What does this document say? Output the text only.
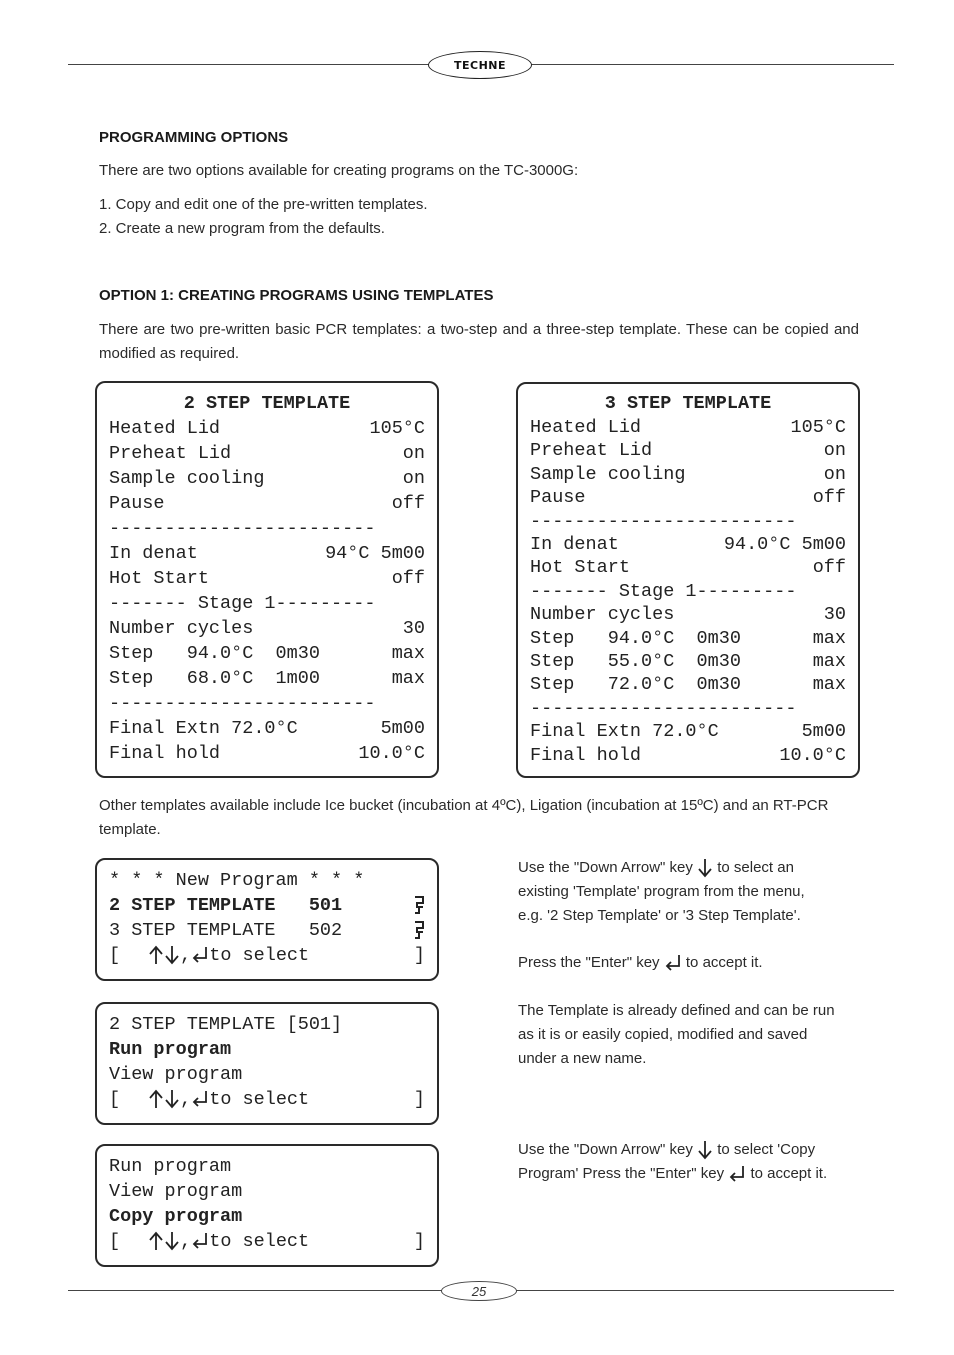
TECHNE
PROGRAMMING OPTIONS
There are two options available for creating programs on the TC-3000G:
1. Copy and edit one of the pre-written templates.
2. Create a new program from the defaults.
OPTION 1: CREATING PROGRAMS USING TEMPLATES
There are two pre-written basic PCR templates: a two-step and a three-step template. These can be copied and modified as required.
2 STEP TEMPLATE
Heated Lid	105°C
Preheat Lid	on
Sample cooling	on
Pause	off
------------------------
In denat	94°C 5m00
Hot Start	off
------- Stage 1---------
Number cycles	30
Step   94.0°C  0m30	max
Step   68.0°C  1m00	max
------------------------
Final Extn 72.0°C	5m00
Final hold	10.0°C
3 STEP TEMPLATE
Heated Lid	105°C
Preheat Lid	on
Sample cooling	on
Pause	off
------------------------
In denat	94.0°C 5m00
Hot Start	off
------- Stage 1---------
Number cycles	30
Step   94.0°C  0m30	max
Step   55.0°C  0m30	max
Step   72.0°C  0m30	max
------------------------
Final Extn 72.0°C	5m00
Final hold	10.0°C
Other templates available include Ice bucket (incubation at 4ºC), Ligation (incubation at 15ºC) and an RT-PCR template.
* * * New Program * * *
2 STEP TEMPLATE   501
3 STEP TEMPLATE   502
[	, to select	]
2 STEP TEMPLATE [501]
Run program
View program
[	, to select	]
Run program
View program
Copy program
[	, to select	]
Use the "Down Arrow" key to select an
existing 'Template' program from the menu,
e.g. '2 Step Template' or '3 Step Template'.
Press the "Enter" key to accept it.
The Template is already defined and can be run
as it is or easily copied, modified and saved
under a new name.
Use the "Down Arrow" key to select 'Copy
Program' Press the "Enter" key to accept it.
25
